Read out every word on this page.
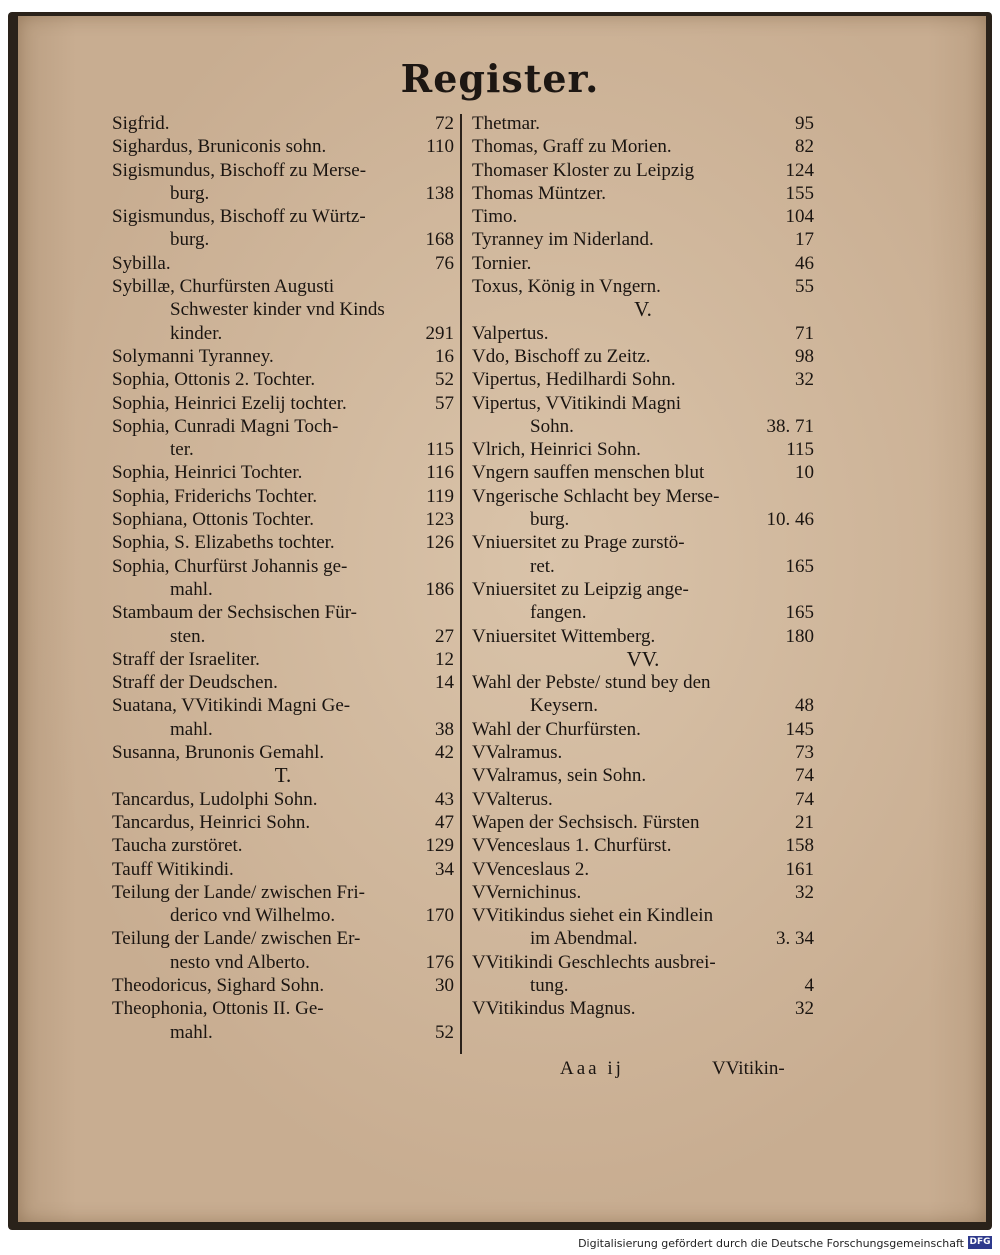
Register.
Sigfrid.	72
Sighardus, Bruniconis sohn.	110
Sigismundus, Bischoff zu Merse-
burg.	138
Sigismundus, Bischoff zu Würtz-
burg.	168
Sybilla.	76
Sybillæ, Churfürsten Augusti
Schwester kinder vnd Kinds
kinder.	291
Solymanni Tyranney.	16
Sophia, Ottonis 2. Tochter.	52
Sophia, Heinrici Ezelij tochter.	57
Sophia, Cunradi Magni Toch-
ter.	115
Sophia, Heinrici Tochter.	116
Sophia, Friderichs Tochter.	119
Sophiana, Ottonis Tochter.	123
Sophia, S. Elizabeths tochter.	126
Sophia, Churfürst Johannis ge-
mahl.	186
Stambaum der Sechsischen Für-
sten.	27
Straff der Israeliter.	12
Straff der Deudschen.	14
Suatana, VVitikindi Magni Ge-
mahl.	38
Susanna, Brunonis Gemahl.	42
T.
Tancardus, Ludolphi Sohn.	43
Tancardus, Heinrici Sohn.	47
Taucha zurstöret.	129
Tauff Witikindi.	34
Teilung der Lande/ zwischen Fri-
derico vnd Wilhelmo.	170
Teilung der Lande/ zwischen Er-
nesto vnd Alberto.	176
Theodoricus, Sighard Sohn.	30
Theophonia, Ottonis II. Ge-
mahl.	52
Thetmar.	95
Thomas, Graff zu Morien.	82
Thomaser Kloster zu Leipzig	124
Thomas Müntzer.	155
Timo.	104
Tyranney im Niderland.	17
Tornier.	46
Toxus, König in Vngern.	55
V.
Valpertus.	71
Vdo, Bischoff zu Zeitz.	98
Vipertus, Hedilhardi Sohn.	32
Vipertus, VVitikindi Magni
Sohn.	38. 71
Vlrich, Heinrici Sohn.	115
Vngern sauffen menschen blut	10
Vngerische Schlacht bey Merse-
burg.	10. 46
Vniuersitet zu Prage zurstö-
ret.	165
Vniuersitet zu Leipzig ange-
fangen.	165
Vniuersitet Wittemberg.	180
VV.
Wahl der Pebste/ stund bey den
Keysern.	48
Wahl der Churfürsten.	145
VValramus.	73
VValramus, sein Sohn.	74
VValterus.	74
Wapen der Sechsisch. Fürsten	21
VVenceslaus 1. Churfürst.	158
VVenceslaus 2.	161
VVernichinus.	32
VVitikindus siehet ein Kindlein
im Abendmal.	3. 34
VVitikindi Geschlechts ausbrei-
tung.	4
VVitikindus Magnus.	32
Aaa ij	VVitikin-
Digitalisierung gefördert durch die Deutsche Forschungsgemeinschaft DFG
